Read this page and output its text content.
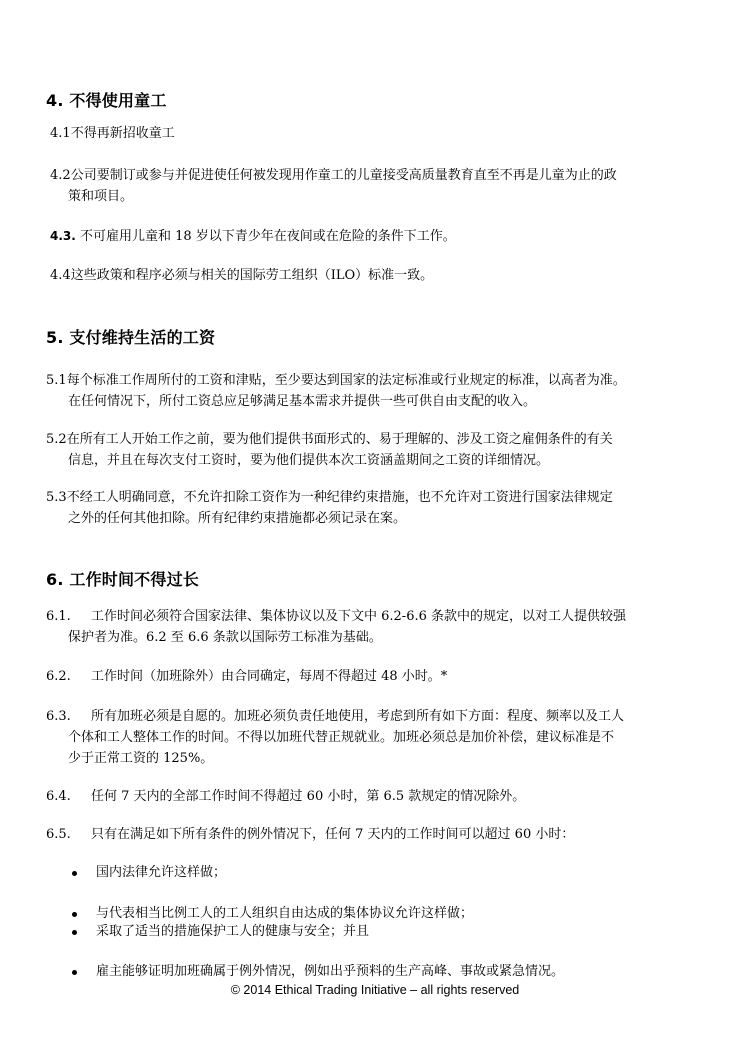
4. 不得使用童工
4.1不得再新招收童工
4.2公司要制订或参与并促进使任何被发现用作童工的儿童接受高质量教育直至不再是儿童为止的政
策和项目。
4.3. 不可雇用儿童和 18 岁以下青少年在夜间或在危险的条件下工作。
4.4这些政策和程序必须与相关的国际劳工组织（ILO）标准一致。
5. 支付维持生活的工资
5.1每个标准工作周所付的工资和津贴，至少要达到国家的法定标准或行业规定的标准，以高者为准。
在任何情况下，所付工资总应足够满足基本需求并提供一些可供自由支配的收入。
5.2在所有工人开始工作之前，要为他们提供书面形式的、易于理解的、涉及工资之雇佣条件的有关
信息，并且在每次支付工资时，要为他们提供本次工资涵盖期间之工资的详细情况。
5.3不经工人明确同意，不允许扣除工资作为一种纪律约束措施，也不允许对工资进行国家法律规定
之外的任何其他扣除。所有纪律约束措施都必须记录在案。
6. 工作时间不得过长
6.1. 工作时间必须符合国家法律、集体协议以及下文中 6.2-6.6 条款中的规定，以对工人提供较强
保护者为准。6.2 至 6.6 条款以国际劳工标准为基础。
6.2. 工作时间（加班除外）由合同确定，每周不得超过 48 小时。*
6.3. 所有加班必须是自愿的。加班必须负责任地使用，考虑到所有如下方面：程度、频率以及工人
个体和工人整体工作的时间。不得以加班代替正规就业。加班必须总是加价补偿，建议标准是不
少于正常工资的 125%。
6.4. 任何 7 天内的全部工作时间不得超过 60 小时，第 6.5 款规定的情况除外。
6.5. 只有在满足如下所有条件的例外情况下，任何 7 天内的工作时间可以超过 60 小时：
国内法律允许这样做；
与代表相当比例工人的工人组织自由达成的集体协议允许这样做；
采取了适当的措施保护工人的健康与安全；并且
雇主能够证明加班确属于例外情况，例如出乎预料的生产高峰、事故或紧急情况。
© 2014 Ethical Trading Initiative – all rights reserved
